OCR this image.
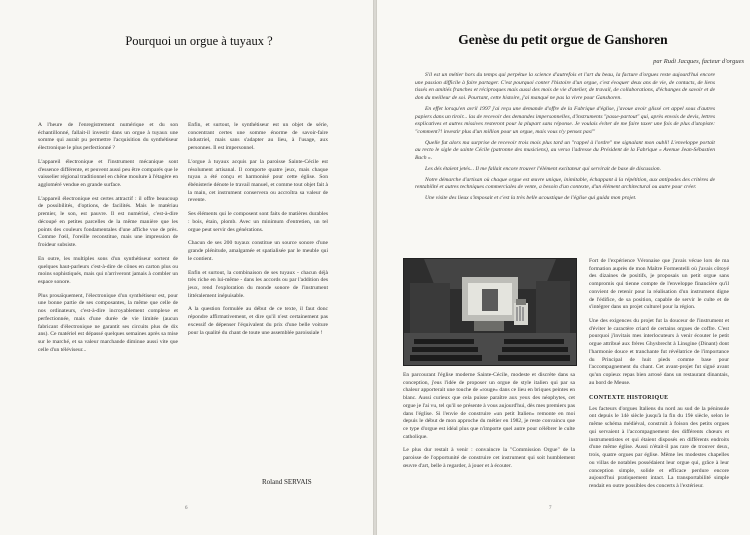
Pourquoi un orgue à tuyaux ?

A l'heure de l'enregistrement numérique et du son échantillonné, fallait-il investir dans un orgue à tuyaux une somme qui aurait pu permettre l'acquisition du synthétiseur électronique le plus perfectionné ?

L'appareil électronique et l'instrument mécanique sont d'essence différente, et peuvent aussi peu être comparés que le vaisselier régional traditionnel en chêne moulure à l'étagère en aggloméré vendue en grande surface.

L'appareil électronique est certes attractif : il offre beaucoup de possibilités, d'options, de facilités. Mais le matériau premier, le son, est pauvre. Il est numérisé, c'est-à-dire découpé en petites parcelles de la même manière que les points des couleurs fondamentales d'une affiche vue de près. Comme l'œil, l'oreille reconstitue, mais une impression de froideur subsiste.

En outre, les multiples sons d'un synthétiseur sortent de quelques haut-parleurs c'est-à-dire de cônes en carton plus ou moins sophistiqués, mais qui n'arriveront jamais à combler un espace sonore.

Plus prosaïquement, l'électronique d'un synthétiseur est, pour une bonne partie de ses composantes, la même que celle de nos ordinateurs, c'est-à-dire incroyablement complexe et perfectionnée, mais d'une durée de vie limitée (aucun fabricant d'électronique ne garantit ses circuits plus de dix ans). Ce matériel est dépassé quelques semaines après sa mise sur le marché, et sa valeur marchande diminue aussi vite que celle d'un téléviseur...

Enfin, et surtout, le synthétiseur est un objet de série, concentrant certes une somme énorme de savoir-faire industriel, mais sans s'adapter au lieu, à l'usage, aux personnes. Il est impersonnel.

L'orgue à tuyaux acquis par la paroisse Sainte-Cécile est résolument artisanal. Il comporte quatre jeux, mais chaque tuyau a été conçu et harmonisé pour cette église. Son ébénisterie dénote le travail manuel, et comme tout objet fait à la main, cet instrument conservera ou accroîtra sa valeur de revente.

Ses éléments qui le composent sont faits de matières durables : bois, étain, plomb. Avec un minimum d'entretien, un tel orgue peut servir des générations.

Chacun de ses 200 tuyaux constitue un source sonore d'une grande plénitude, amalgamée et spatialisée par le meuble qui le contient.

Enfin et surtout, la combinaison de ses tuyaux - chacun déjà très riche en lui-même - dans les accords ou par l'addition des jeux, rend l'exploration du monde sonore de l'instrument littéralement inépuisable.

A la question formulée au début de ce texte, il faut donc répondre affirmativement, et dire qu'il n'est certainement pas excessif de dépenser l'équivalent du prix d'une belle voiture pour la qualité du chant de toute une assemblée paroissiale !

Roland SERVAIS

6

Genèse du petit orgue de Ganshoren

par Rudi Jacques, facteur d'orgues

S'il est un métier hors du temps qui perpétue la science d'autrefois et l'art du beau, la facture d'orgues reste aujourd'hui encore une passion difficile à faire partager. C'est pourquoi conter l'histoire d'un orgue, c'est évoquer deux ans de vie, de contacts, de liens tissés en amitiés franches et réciproques mais aussi des mois de vie d'atelier, de travail, de collaborations, d'échanges de savoir et de don du meilleur de soi. Pourtant, cette histoire, j'ai manqué ne pas la vivre pour Ganshoren.

En effet lorsqu'en avril 1997 j'ai reçu une demande d'offre de la Fabrique d'église, j'avoue avoir glissé cet appel sous d'autres papiers dans un tiroir... las de recevoir des demandes impersonnelles, d'instruments "passe-partout" qui, après envois de devis, lettres explicatives et autres missives resteront pour la plupart sans réponse. Je voulais éviter de me faire taxer une fois de plus d'utopiste: "comment?! investir plus d'un million pour un orgue, mais vous n'y pensez pas!"

Quelle fut alors ma surprise de recevoir trois mois plus tard un "rappel à l'ordre" me signalant mon oubli! L'enveloppe portait au recto le sigle de sainte Cécile (patronne des musiciens), au verso l'adresse du Président de la Fabrique « Avenue Jean-Sébastien Bach ».

Les dés étaient jetés... Il me fallait encore trouver l'élément excitateur qui servirait de base de discussion.

Notre démarche d'artisan où chaque orgue est œuvre unique, inimitable, échappant à la répétition, aux antipodes des critères de rentabilité et autres techniques commerciales de vente, a besoin d'un contexte, d'un élément architectural ou autre pour créer.

Une visite des lieux s'imposait et c'est la très belle acoustique de l'église qui guida mon projet.

En parcourant l'église moderne Sainte-Cécile, modeste et discrète dans sa conception, j'eus l'idée de proposer un orgue de style italien qui par sa chaleur apporterait une touche de «rouge» dans ce lieu en briques peintes en blanc. Aussi curieux que cela puisse paraître aux yeux des néophytes, cet orgue je l'ai vu, tel qu'il se présente à vous aujourd'hui, dès mes premiers pas dans l'église. Si l'envie de construire «un petit Italien» remonte en moi depuis le début de mon approche du métier en 1982, je reste convaincu que ce type d'orgue est idéal plus que n'importe quel autre pour célébrer le culte catholique.

Le plus dur restait à venir : convaincre la "Commission Orgue" de la paroisse de l'opportunité de construire cet instrument qui soit humblement œuvre d'art, belle à regarder, à jouer et à écouter.

Fort de l'expérience Véronaise que j'avais vécue lors de ma formation auprès de mon Maître Formentelli où j'avais côtoyé des dizaines de positifs, je proposais un petit orgue sans compromis qui tienne compte de l'enveloppe financière qu'il convient de retenir pour la réalisation d'un instrument digne de l'édifice, de sa position, capable de servir le culte et de s'intégrer dans un projet culturel pour la région.

Une des exigences du projet fut la douceur de l'instrument et d'éviter le caractère criard de certains orgues de coffre. C'est pourquoi j'invitais mes interlocuteurs à venir écouter le petit orgue attribué aux frères Ghysbrecht à Linsgine (Dinant) dont l'harmonie douce et tranchante fut révélatrice de l'importance du Principal de huit pieds comme base pour l'accompagnement du chant. Cet avant-projet fut signé avant qu'un copieux repas bien arrosé dans un restaurant dinantais, au bord de Meuse.

CONTEXTE HISTORIQUE

Les facteurs d'orgues Italiens du nord au sud de la péninsule ont depuis le 14è siècle jusqu'à la fin du 19è siècle, selon le même schéma médiéval, construit à foison des petits orgues qui servaient à l'accompagnement des différents chœurs et instrumentistes et qui étaient disposés en différents endroits d'une même église. Aussi n'était-il pas rare de trouver deux, trois, quatre orgues par église. Même les modestes chapelles ou villas de notables possédaient leur orgue qui, grâce à leur conception simple, solide et efficace perdure encore aujourd'hui pratiquement intact. La transportabilité simple rendait en outre possibles des concerts à l'extérieur.

7
